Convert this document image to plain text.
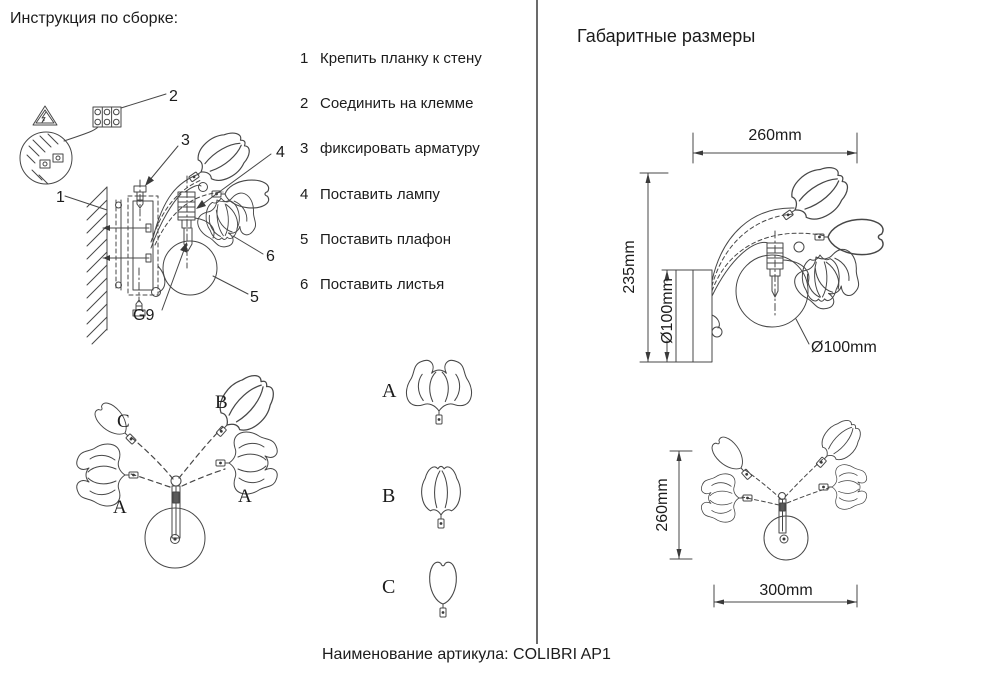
Инструкция по сборке:
Габаритные размеры
1 Крепить планку к стену
2 Соединить на клемме
3 фиксировать арматуру
4 Поставить лампу
5 Поставить плафон
6 Поставить листья
1
2
3
4
5
6
G9
C
B
A
A
A
B
C
260mm
235mm
Ø100mm
Ø100mm
260mm
300mm
Наименование артикула: COLIBRI AP1
